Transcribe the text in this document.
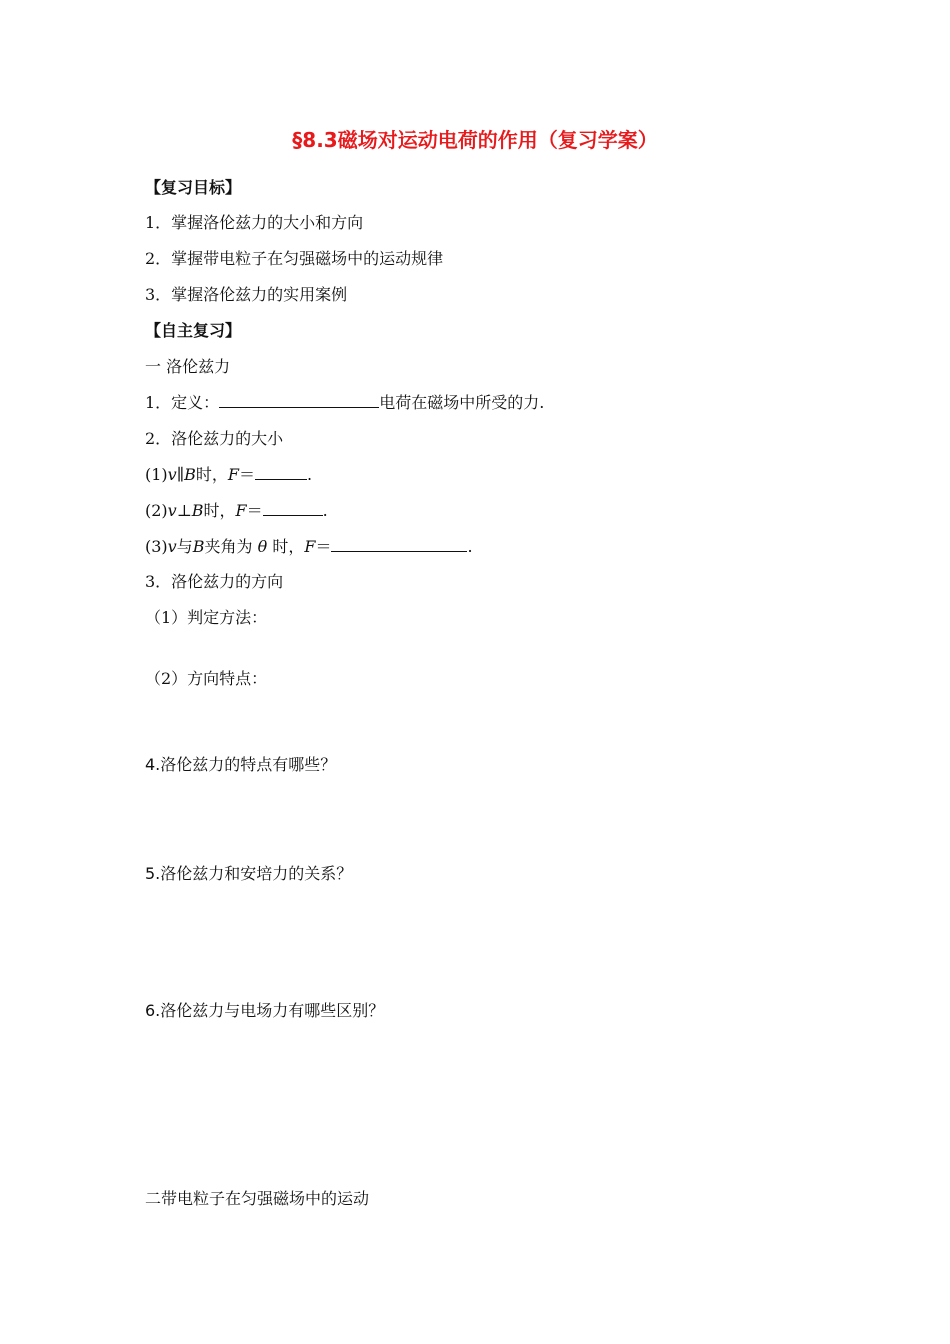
§8.3磁场对运动电荷的作用（复习学案）
【复习目标】
1．掌握洛伦兹力的大小和方向
2．掌握带电粒子在匀强磁场中的运动规律
3．掌握洛伦兹力的实用案例
【自主复习】
一 洛伦兹力
1．定义：	电荷在磁场中所受的力.
2．洛伦兹力的大小
(1)v∥B时，F＝	.
(2)v⊥B时，F＝	.
(3)v与B夹角为 θ 时，F＝	.
3．洛伦兹力的方向
（1）判定方法：
（2）方向特点：
4.洛伦兹力的特点有哪些？
5.洛伦兹力和安培力的关系？
6.洛伦兹力与电场力有哪些区别？
二带电粒子在匀强磁场中的运动
